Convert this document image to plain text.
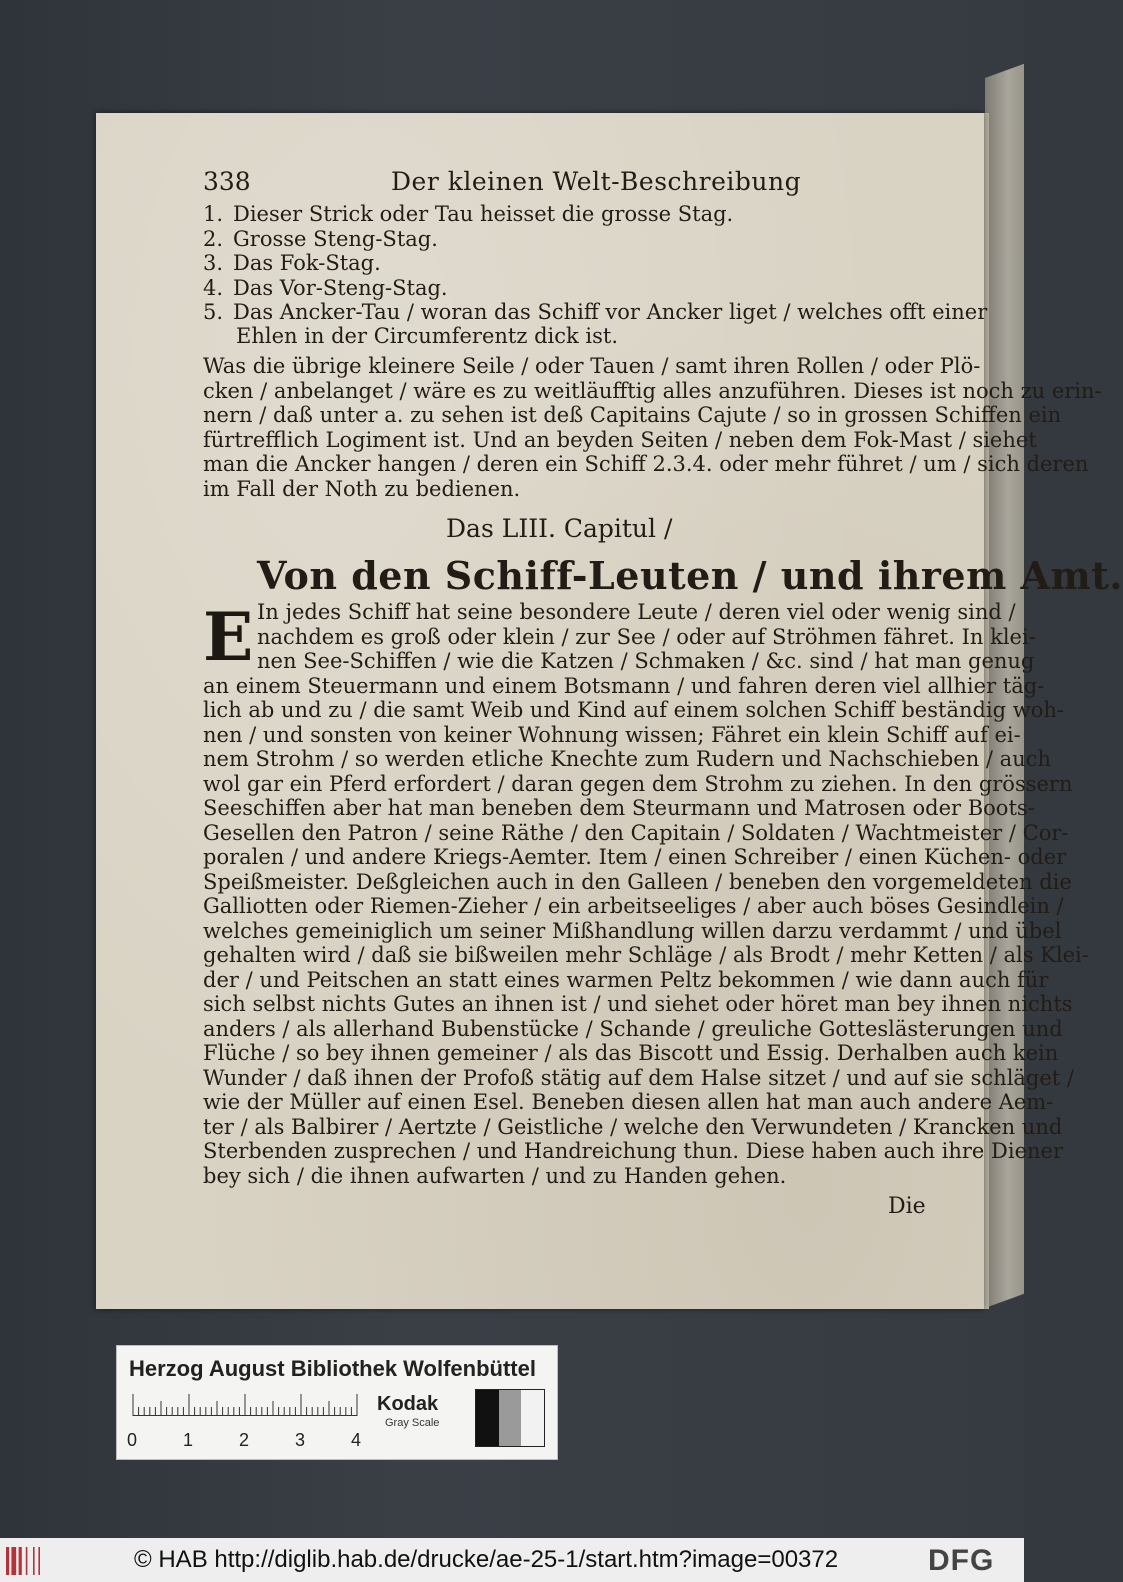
338	Der kleinen Welt-Beschreibung
1. Dieser Strick oder Tau heisset die grosse Stag.
2. Grosse Steng-Stag.
3. Das Fok-Stag.
4. Das Vor-Steng-Stag.
5. Das Ancker-Tau / woran das Schiff vor Ancker liget / welches offt einer
Ehlen in der Circumferentz dick ist.
Was die übrige kleinere Seile / oder Tauen / samt ihren Rollen / oder Plö-
cken / anbelanget / wäre es zu weitläufftig alles anzuführen. Dieses ist noch zu erin-
nern / daß unter a. zu sehen ist deß Capitains Cajute / so in grossen Schiffen ein
fürtrefflich Logiment ist. Und an beyden Seiten / neben dem Fok-Mast / siehet
man die Ancker hangen / deren ein Schiff 2.3.4. oder mehr führet / um / sich deren
im Fall der Noth zu bedienen.
Das LIII. Capitul /
Von den Schiff-Leuten / und ihrem Amt.
E In jedes Schiff hat seine besondere Leute / deren viel oder wenig sind /
nachdem es groß oder klein / zur See / oder auf Ströhmen fähret. In klei-
nen See-Schiffen / wie die Katzen / Schmaken / &c. sind / hat man genug
an einem Steuermann und einem Botsmann / und fahren deren viel allhier täg-
lich ab und zu / die samt Weib und Kind auf einem solchen Schiff beständig woh-
nen / und sonsten von keiner Wohnung wissen; Fähret ein klein Schiff auf ei-
nem Strohm / so werden etliche Knechte zum Rudern und Nachschieben / auch
wol gar ein Pferd erfordert / daran gegen dem Strohm zu ziehen. In den grössern
Seeschiffen aber hat man beneben dem Steurmann und Matrosen oder Boots-
Gesellen den Patron / seine Räthe / den Capitain / Soldaten / Wachtmeister / Cor-
poralen / und andere Kriegs-Aemter. Item / einen Schreiber / einen Küchen- oder
Speißmeister. Deßgleichen auch in den Galleen / beneben den vorgemeldeten die
Galliotten oder Riemen-Zieher / ein arbeitseeliges / aber auch böses Gesindlein /
welches gemeiniglich um seiner Mißhandlung willen darzu verdammt / und übel
gehalten wird / daß sie bißweilen mehr Schläge / als Brodt / mehr Ketten / als Klei-
der / und Peitschen an statt eines warmen Peltz bekommen / wie dann auch für
sich selbst nichts Gutes an ihnen ist / und siehet oder höret man bey ihnen nichts
anders / als allerhand Bubenstücke / Schande / greuliche Gotteslästerungen und
Flüche / so bey ihnen gemeiner / als das Biscott und Essig. Derhalben auch kein
Wunder / daß ihnen der Profoß stätig auf dem Halse sitzet / und auf sie schläget /
wie der Müller auf einen Esel. Beneben diesen allen hat man auch andere Aem-
ter / als Balbirer / Aertzte / Geistliche / welche den Verwundeten / Krancken und
Sterbenden zusprechen / und Handreichung thun. Diese haben auch ihre Diener
bey sich / die ihnen aufwarten / und zu Handen gehen.
Die
Herzog August Bibliothek Wolfenbüttel
0	1	2	3	4
Kodak
Gray Scale
© HAB http://diglib.hab.de/drucke/ae-25-1/start.htm?image=00372	DFG
